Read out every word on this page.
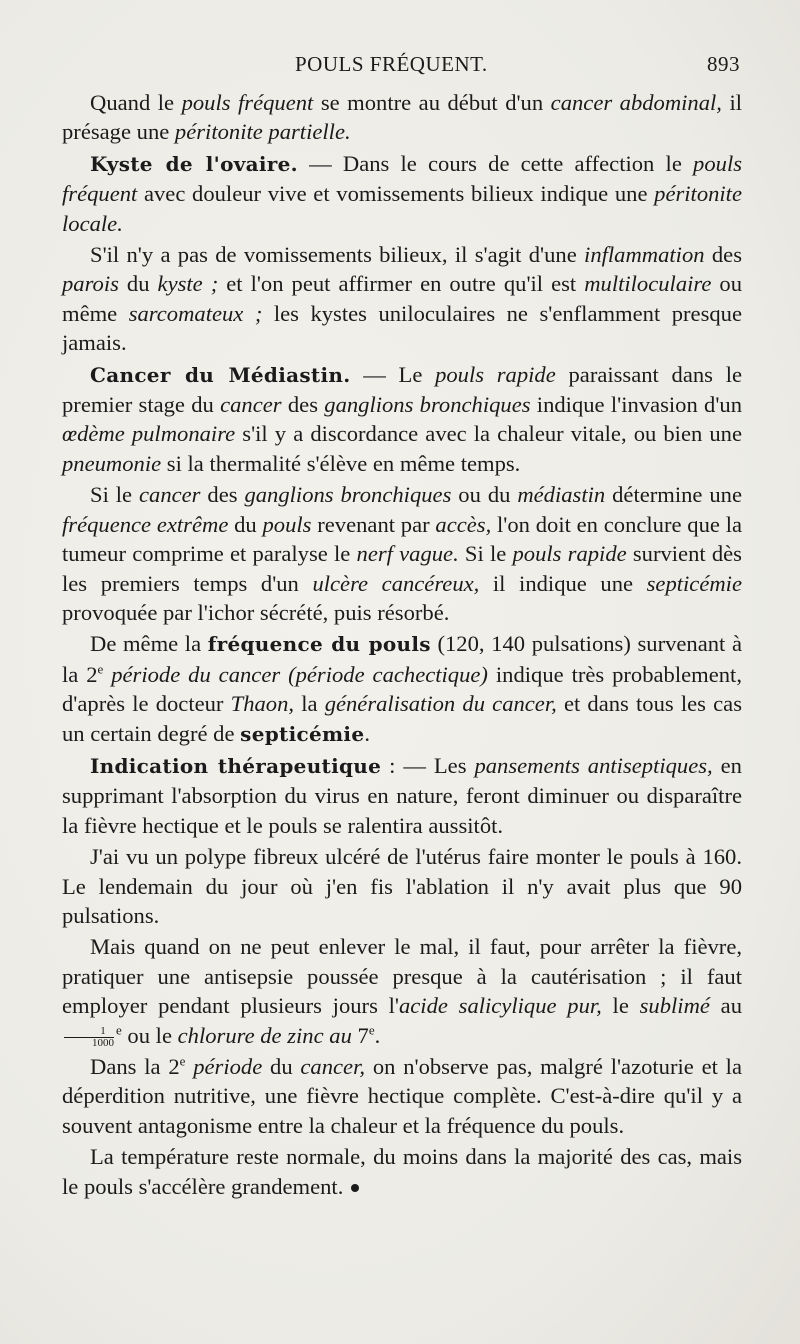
POULS FRÉQUENT.	893

Quand le pouls fréquent se montre au début d'un cancer abdominal, il présage une péritonite partielle.

Kyste de l'ovaire. — Dans le cours de cette affection le pouls fréquent avec douleur vive et vomissements bilieux indique une péritonite locale.

S'il n'y a pas de vomissements bilieux, il s'agit d'une inflammation des parois du kyste ; et l'on peut affirmer en outre qu'il est multiloculaire ou même sarcomateux ; les kystes uniloculaires ne s'enflamment presque jamais.

Cancer du Médiastin. — Le pouls rapide paraissant dans le premier stage du cancer des ganglions bronchiques indique l'invasion d'un œdème pulmonaire s'il y a discordance avec la chaleur vitale, ou bien une pneumonie si la thermalité s'élève en même temps.

Si le cancer des ganglions bronchiques ou du médiastin détermine une fréquence extrême du pouls revenant par accès, l'on doit en conclure que la tumeur comprime et paralyse le nerf vague. Si le pouls rapide survient dès les premiers temps d'un ulcère cancéreux, il indique une septicémie provoquée par l'ichor sécrété, puis résorbé.

De même la fréquence du pouls (120, 140 pulsations) survenant à la 2e période du cancer (période cachectique) indique très probablement, d'après le docteur Thaon, la généralisation du cancer, et dans tous les cas un certain degré de septicémie.

Indication thérapeutique : — Les pansements antiseptiques, en supprimant l'absorption du virus en nature, feront diminuer ou disparaître la fièvre hectique et le pouls se ralentira aussitôt.

J'ai vu un polype fibreux ulcéré de l'utérus faire monter le pouls à 160. Le lendemain du jour où j'en fis l'ablation il n'y avait plus que 90 pulsations.

Mais quand on ne peut enlever le mal, il faut, pour arrêter la fièvre, pratiquer une antisepsie poussée presque à la cautérisation ; il faut employer pendant plusieurs jours l'acide salicylique pur, le sublimé au
$\frac{1}{1000} ^e$ ou le chlorure de zinc au 7e.

Dans la 2e période du cancer, on n'observe pas, malgré l'azoturie et la déperdition nutritive, une fièvre hectique complète. C'est-à-dire qu'il y a souvent antagonisme entre la chaleur et la fréquence du pouls.

La température reste normale, du moins dans la majorité des cas, mais le pouls s'accélère grandement.
